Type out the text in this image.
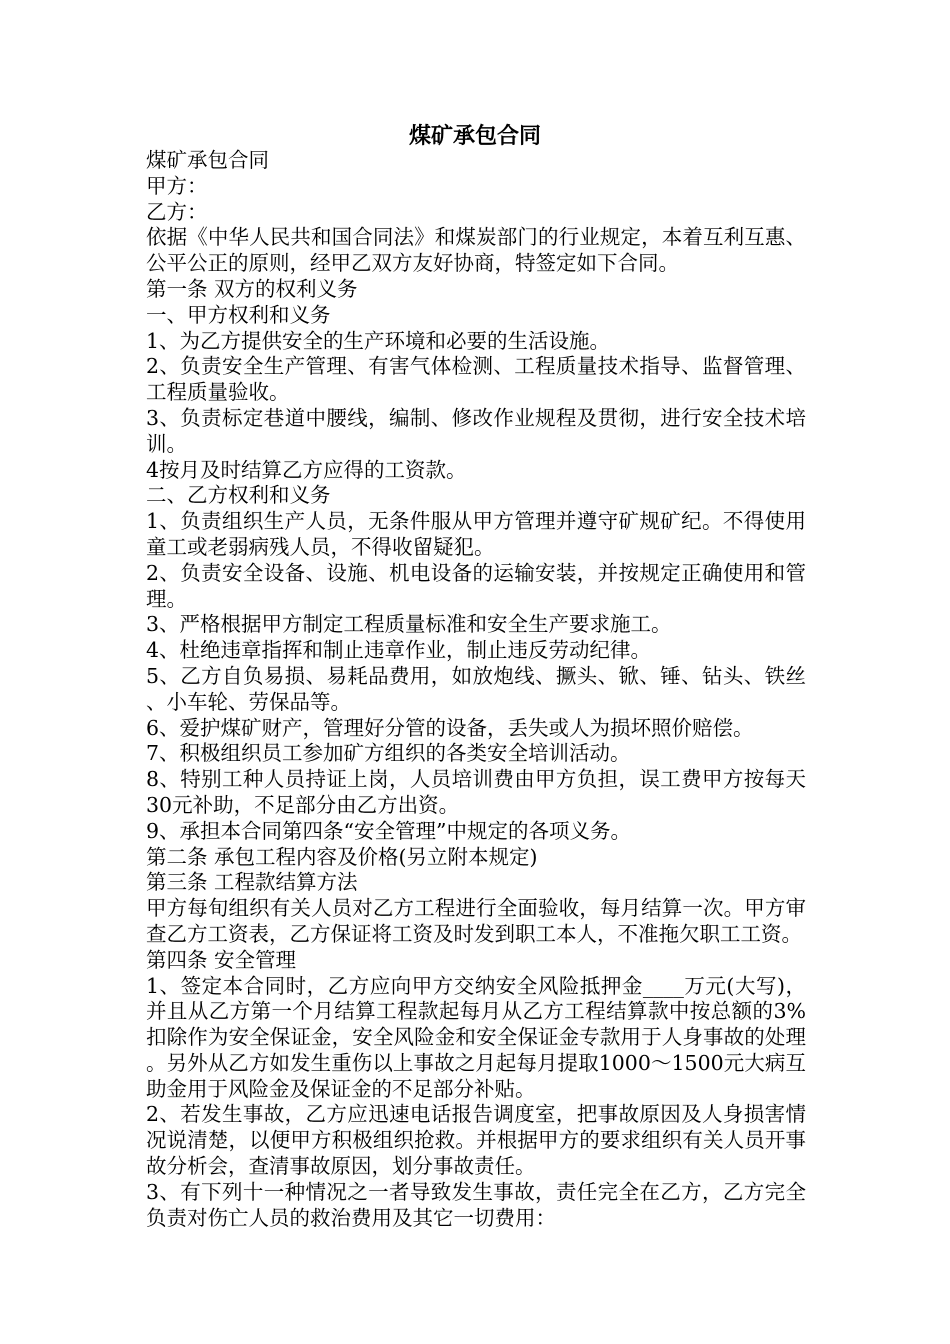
煤矿承包合同

煤矿承包合同

甲方：

乙方：

依据《中华人民共和国合同法》和煤炭部门的行业规定，本着互利互惠、公平公正的原则，经甲乙双方友好协商，特签定如下合同。

第一条 双方的权利义务

一、甲方权利和义务

1、为乙方提供安全的生产环境和必要的生活设施。

2、负责安全生产管理、有害气体检测、工程质量技术指导、监督管理、工程质量验收。

3、负责标定巷道中腰线，编制、修改作业规程及贯彻，进行安全技术培训。

4按月及时结算乙方应得的工资款。

二、乙方权利和义务

1、负责组织生产人员，无条件服从甲方管理并遵守矿规矿纪。不得使用童工或老弱病残人员，不得收留疑犯。

2、负责安全设备、设施、机电设备的运输安装，并按规定正确使用和管理。

3、严格根据甲方制定工程质量标准和安全生产要求施工。

4、杜绝违章指挥和制止违章作业，制止违反劳动纪律。

5、乙方自负易损、易耗品费用，如放炮线、撅头、锨、锤、钻头、铁丝、小车轮、劳保品等。

6、爱护煤矿财产，管理好分管的设备，丢失或人为损坏照价赔偿。

7、积极组织员工参加矿方组织的各类安全培训活动。

8、特别工种人员持证上岗，人员培训费由甲方负担，误工费甲方按每天30元补助，不足部分由乙方出资。

9、承担本合同第四条“安全管理”中规定的各项义务。

第二条 承包工程内容及价格(另立附本规定)

第三条 工程款结算方法

甲方每旬组织有关人员对乙方工程进行全面验收，每月结算一次。甲方审查乙方工资表，乙方保证将工资及时发到职工本人，不准拖欠职工工资。

第四条 安全管理

1、签定本合同时，乙方应向甲方交纳安全风险抵押金____万元(大写)，并且从乙方第一个月结算工程款起每月从乙方工程结算款中按总额的3%扣除作为安全保证金，安全风险金和安全保证金专款用于人身事故的处理。另外从乙方如发生重伤以上事故之月起每月提取1000～1500元大病互助金用于风险金及保证金的不足部分补贴。

2、若发生事故，乙方应迅速电话报告调度室，把事故原因及人身损害情况说清楚，以便甲方积极组织抢救。并根据甲方的要求组织有关人员开事故分析会，查清事故原因，划分事故责任。

3、有下列十一种情况之一者导致发生事故，责任完全在乙方，乙方完全负责对伤亡人员的救治费用及其它一切费用：
